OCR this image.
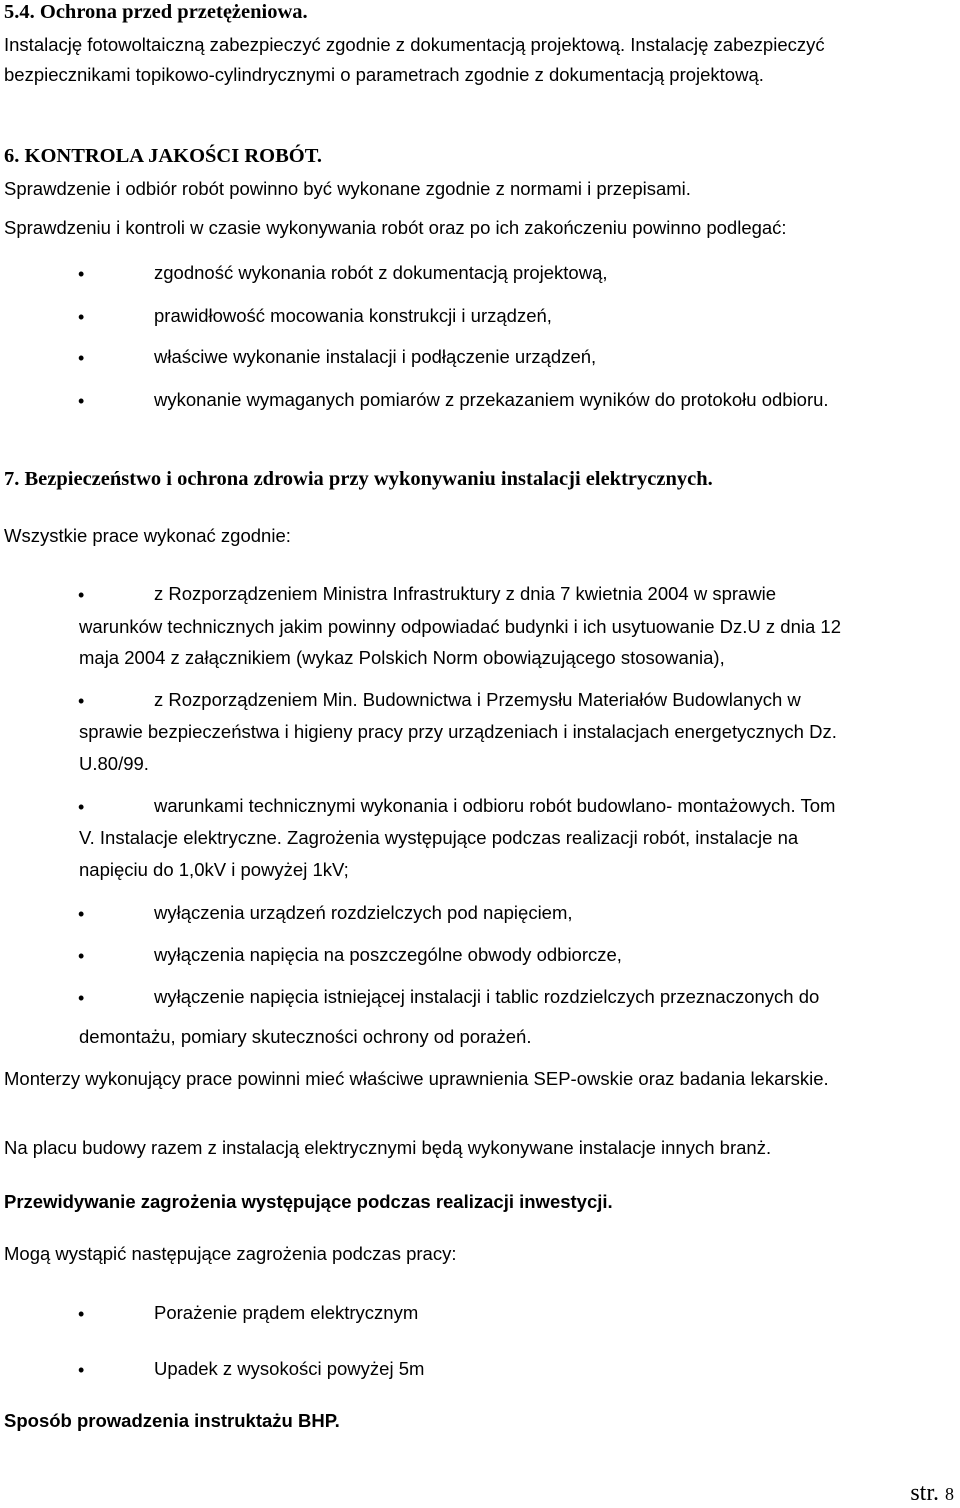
5.4. Ochrona przed przetężeniowa.
Instalację fotowoltaiczną zabezpieczyć zgodnie z dokumentacją projektową. Instalację zabezpieczyć
bezpiecznikami topikowo-cylindrycznymi o parametrach zgodnie z dokumentacją projektową.
6. KONTROLA JAKOŚCI ROBÓT.
Sprawdzenie i odbiór robót powinno być wykonane zgodnie z normami i przepisami.
Sprawdzeniu i kontroli w czasie wykonywania robót oraz po ich zakończeniu powinno podlegać:
•	zgodność wykonania robót z dokumentacją projektową,
•	prawidłowość mocowania konstrukcji i urządzeń,
•	właściwe wykonanie instalacji i podłączenie urządzeń,
•	wykonanie wymaganych pomiarów z przekazaniem wyników do protokołu odbioru.
7. Bezpieczeństwo i ochrona zdrowia przy wykonywaniu instalacji elektrycznych.
Wszystkie prace wykonać zgodnie:
•	z Rozporządzeniem Ministra Infrastruktury z dnia 7 kwietnia 2004 w sprawie
warunków technicznych jakim powinny odpowiadać budynki i ich usytuowanie Dz.U z dnia 12
maja 2004 z załącznikiem (wykaz Polskich Norm obowiązującego stosowania),
•	z Rozporządzeniem Min. Budownictwa i Przemysłu Materiałów Budowlanych w
sprawie bezpieczeństwa i higieny pracy przy urządzeniach i instalacjach energetycznych Dz.
U.80/99.
•	warunkami technicznymi wykonania i odbioru robót budowlano- montażowych. Tom
V. Instalacje elektryczne. Zagrożenia występujące podczas realizacji robót, instalacje na
napięciu do 1,0kV i powyżej 1kV;
•	wyłączenia urządzeń rozdzielczych pod napięciem,
•	wyłączenia napięcia na poszczególne obwody odbiorcze,
•	wyłączenie napięcia istniejącej instalacji i tablic rozdzielczych przeznaczonych do
demontażu, pomiary skuteczności ochrony od porażeń.
Monterzy wykonujący prace powinni mieć właściwe uprawnienia SEP-owskie oraz badania lekarskie.
Na placu budowy razem z instalacją elektrycznymi będą wykonywane instalacje innych branż.
Przewidywanie zagrożenia występujące podczas realizacji inwestycji.
Mogą wystąpić następujące zagrożenia podczas pracy:
•	Porażenie prądem elektrycznym
•	Upadek z wysokości powyżej 5m
Sposób prowadzenia instruktażu BHP.
str. 8
